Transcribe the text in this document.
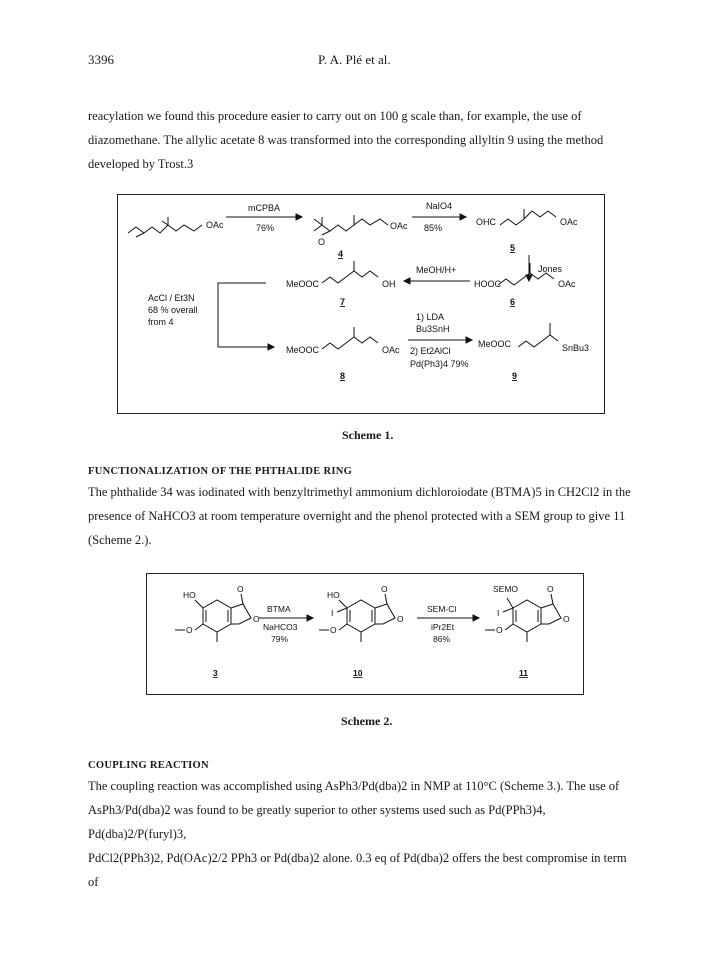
3396	P. A. Plé et al.

reacylation we found this procedure easier to carry out on 100 g scale than, for example, the use of

diazomethane. The allylic acetate 8 was transformed into the corresponding allyltin 9 using the method

developed by Trost.3

OAc
mCPBA
76%
O
OAc
4
NaIO4
85%
OHC	OAc
5
Jones
MeOH/H+
MeOOC	OH
7
HOOC	OAc
6
AcCl / Et3N
68 % overall
from 4	1) LDA
Bu3SnH
2) Et2AlCl
Pd(Ph3)4 79%
MeOOC	OAc
8
MeOOC	SnBu3
9
Scheme 1.
FUNCTIONALIZATION OF THE PHTHALIDE RING

The phthalide 34 was iodinated with benzyltrimethyl ammonium dichloroiodate (BTMA)5 in CH2Cl2 in the

presence of NaHCO3 at room temperature overnight and the phenol protected with a SEM group to give 11

(Scheme 2.).

HO
O
O
O
3
BTMA
NaHCO3
79%
HO
O
I
O
O
10
SEM-Cl
iPr2Et
86%
SEMO	O
I
O
O
11
Scheme 2.
COUPLING REACTION

The coupling reaction was accomplished using AsPh3/Pd(dba)2 in NMP at 110°C (Scheme 3.). The use of

AsPh3/Pd(dba)2 was found to be greatly superior to other systems used such as Pd(PPh3)4, Pd(dba)2/P(furyl)3,

PdCl2(PPh3)2, Pd(OAc)2/2 PPh3 or Pd(dba)2 alone. 0.3 eq of Pd(dba)2 offers the best compromise in term of
